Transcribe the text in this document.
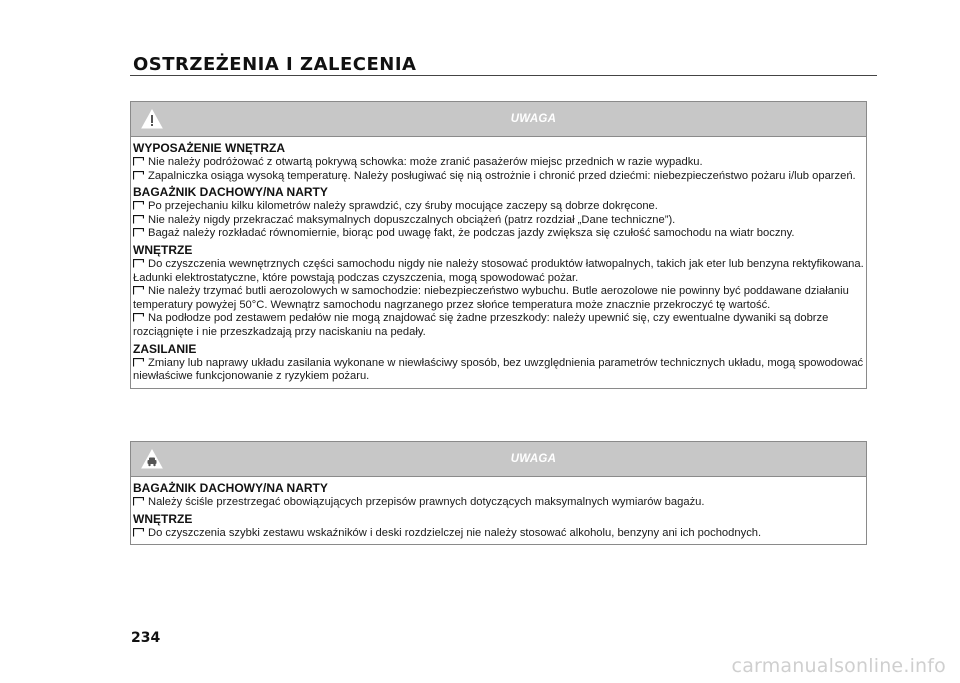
OSTRZEŻENIA I ZALECENIA
UWAGA
WYPOSAŻENIE WNĘTRZA
Nie należy podróżować z otwartą pokrywą schowka: może zranić pasażerów miejsc przednich w razie wypadku.
Zapalniczka osiąga wysoką temperaturę. Należy posługiwać się nią ostrożnie i chronić przed dziećmi: niebezpieczeństwo pożaru i/lub oparzeń.
BAGAŻNIK DACHOWY/NA NARTY
Po przejechaniu kilku kilometrów należy sprawdzić, czy śruby mocujące zaczepy są dobrze dokręcone.
Nie należy nigdy przekraczać maksymalnych dopuszczalnych obciążeń (patrz rozdział „Dane techniczne”).
Bagaż należy rozkładać równomiernie, biorąc pod uwagę fakt, że podczas jazdy zwiększa się czułość samochodu na wiatr boczny.
WNĘTRZE
Do czyszczenia wewnętrznych części samochodu nigdy nie należy stosować produktów łatwopalnych, takich jak eter lub benzyna rektyfikowana. Ładunki elektrostatyczne, które powstają podczas czyszczenia, mogą spowodować pożar.
Nie należy trzymać butli aerozolowych w samochodzie: niebezpieczeństwo wybuchu. Butle aerozolowe nie powinny być poddawane działaniu temperatury powyżej 50°C. Wewnątrz samochodu nagrzanego przez słońce temperatura może znacznie przekroczyć tę wartość.
Na podłodze pod zestawem pedałów nie mogą znajdować się żadne przeszkody: należy upewnić się, czy ewentualne dywaniki są dobrze rozciągnięte i nie przeszkadzają przy naciskaniu na pedały.
ZASILANIE
Zmiany lub naprawy układu zasilania wykonane w niewłaściwy sposób, bez uwzględnienia parametrów technicznych układu, mogą spowodować niewłaściwe funkcjonowanie z ryzykiem pożaru.
UWAGA
BAGAŻNIK DACHOWY/NA NARTY
Należy ściśle przestrzegać obowiązujących przepisów prawnych dotyczących maksymalnych wymiarów bagażu.
WNĘTRZE
Do czyszczenia szybki zestawu wskaźników i deski rozdzielczej nie należy stosować alkoholu, benzyny ani ich pochodnych.
234
carmanualsonline.info
